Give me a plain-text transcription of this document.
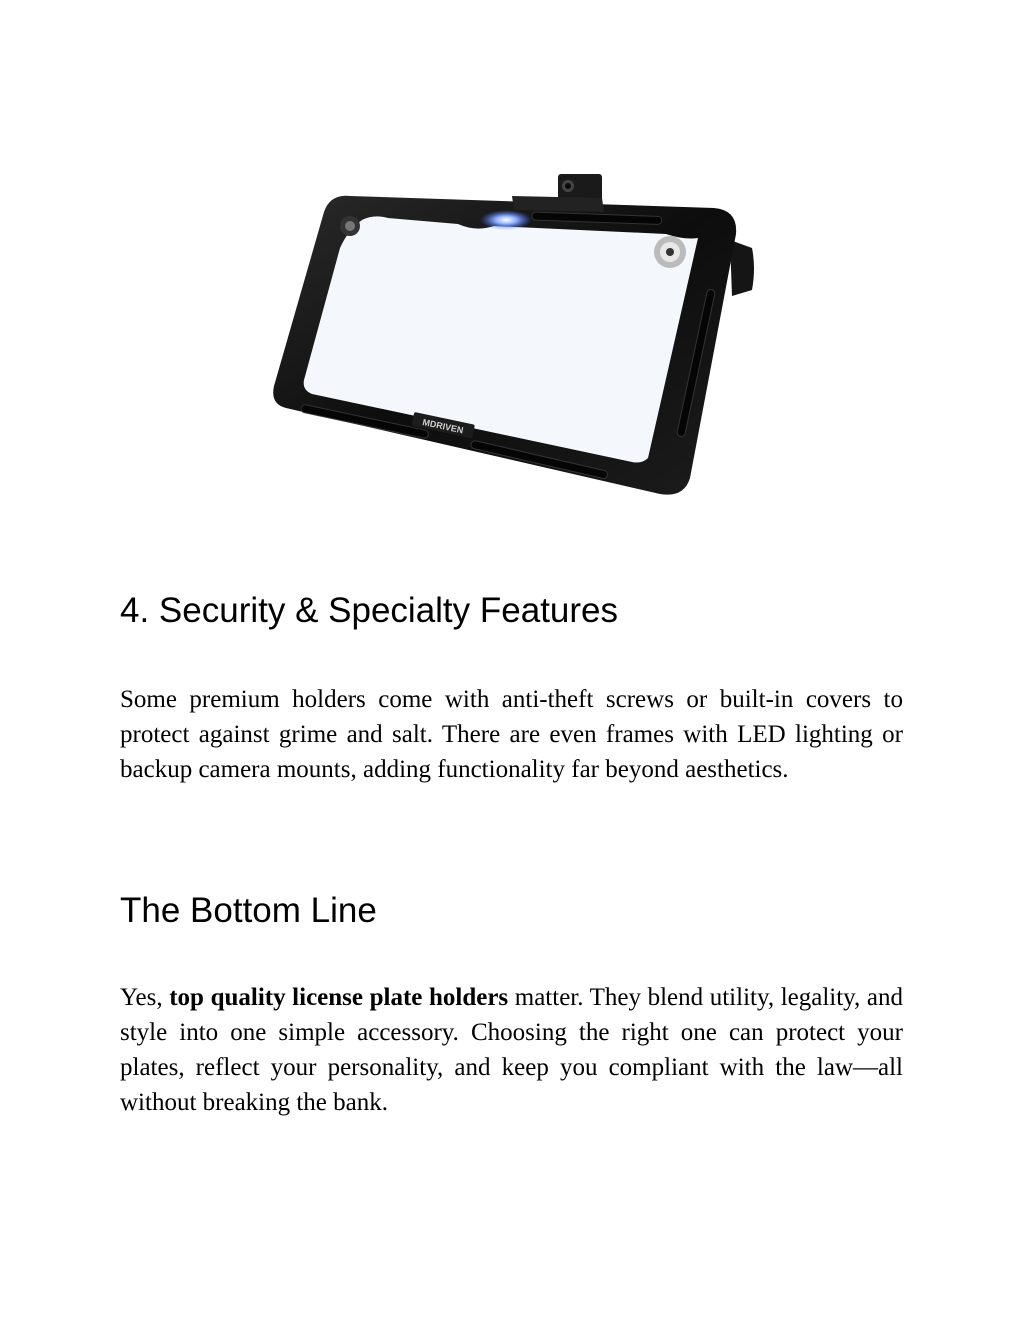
MDRIVEN
4. Security & Specialty Features

Some premium holders come with anti-theft screws or built-in covers to protect against grime and salt. There are even frames with LED lighting or backup camera mounts, adding functionality far beyond aesthetics.

The Bottom Line

Yes, top quality license plate holders matter. They blend utility, legality, and style into one simple accessory. Choosing the right one can protect your plates, reflect your personality, and keep you compliant with the law—all without breaking the bank.
